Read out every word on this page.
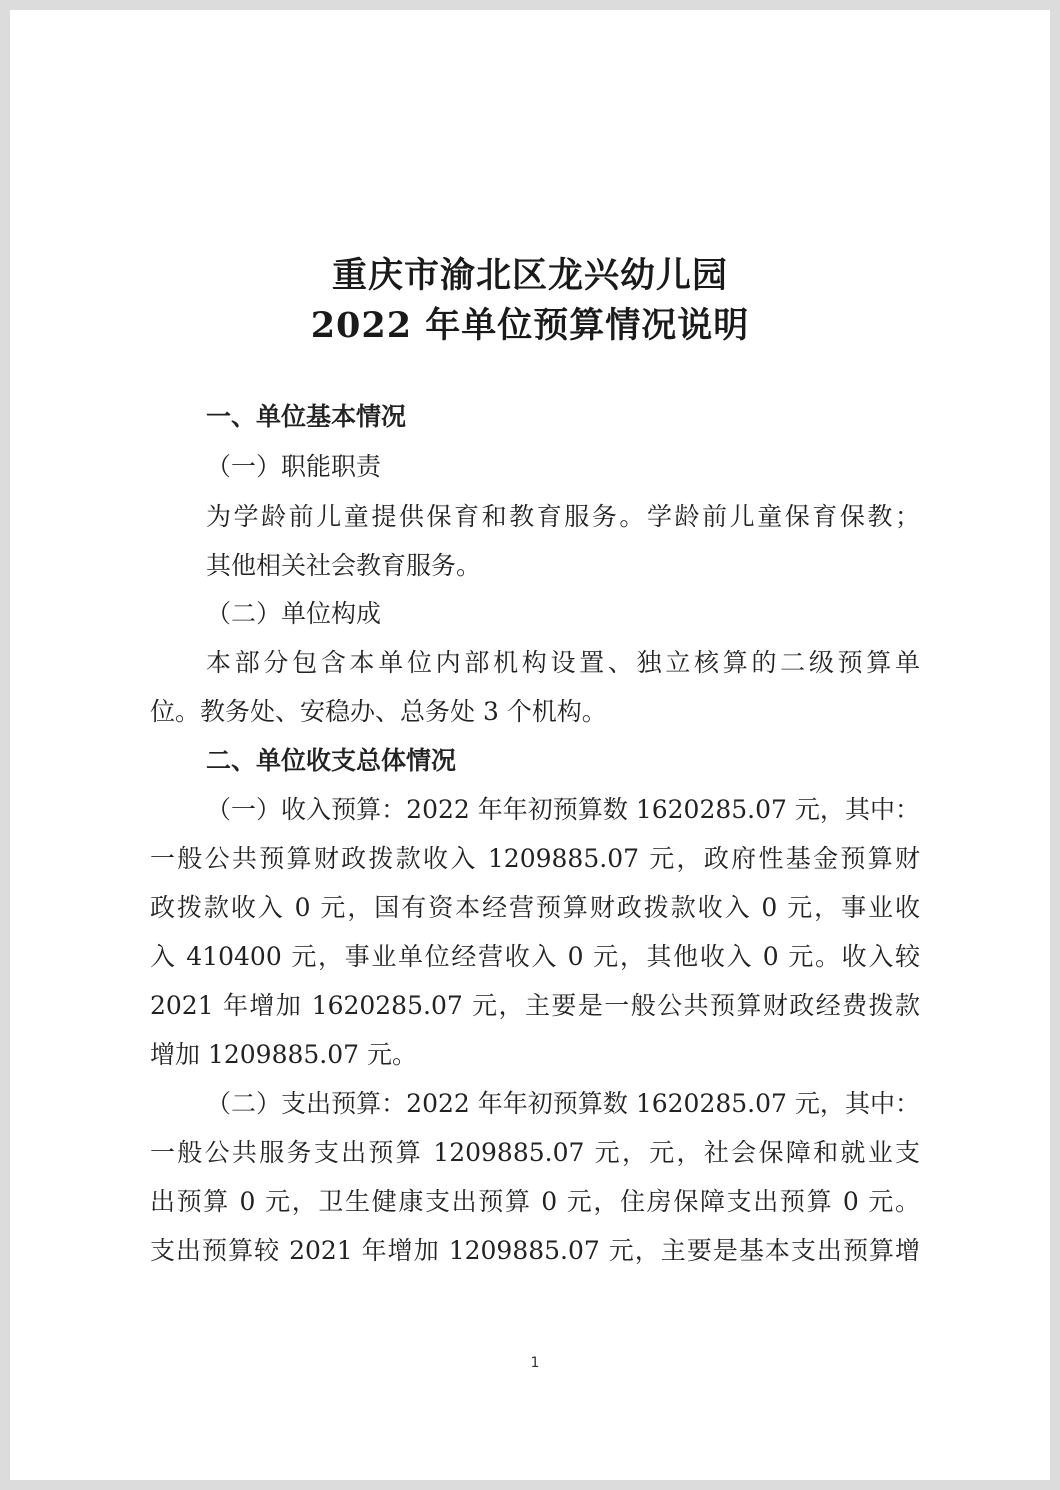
重庆市渝北区龙兴幼儿园
2022 年单位预算情况说明
一、单位基本情况
（一）职能职责
为学龄前儿童提供保育和教育服务。学龄前儿童保育保教；
其他相关社会教育服务。
（二）单位构成
本部分包含本单位内部机构设置、独立核算的二级预算单
位。教务处、安稳办、总务处 3 个机构。
二、单位收支总体情况
（一）收入预算：2022 年年初预算数 1620285.07 元，其中：
一般公共预算财政拨款收入 1209885.07 元，政府性基金预算财
政拨款收入 0 元，国有资本经营预算财政拨款收入 0 元，事业收
入 410400 元，事业单位经营收入 0 元，其他收入 0 元。收入较
2021 年增加 1620285.07 元，主要是一般公共预算财政经费拨款
增加 1209885.07 元。
（二）支出预算：2022 年年初预算数 1620285.07 元，其中：
一般公共服务支出预算 1209885.07 元，元，社会保障和就业支
出预算 0 元，卫生健康支出预算 0 元，住房保障支出预算 0 元。
支出预算较 2021 年增加 1209885.07 元，主要是基本支出预算增
1
